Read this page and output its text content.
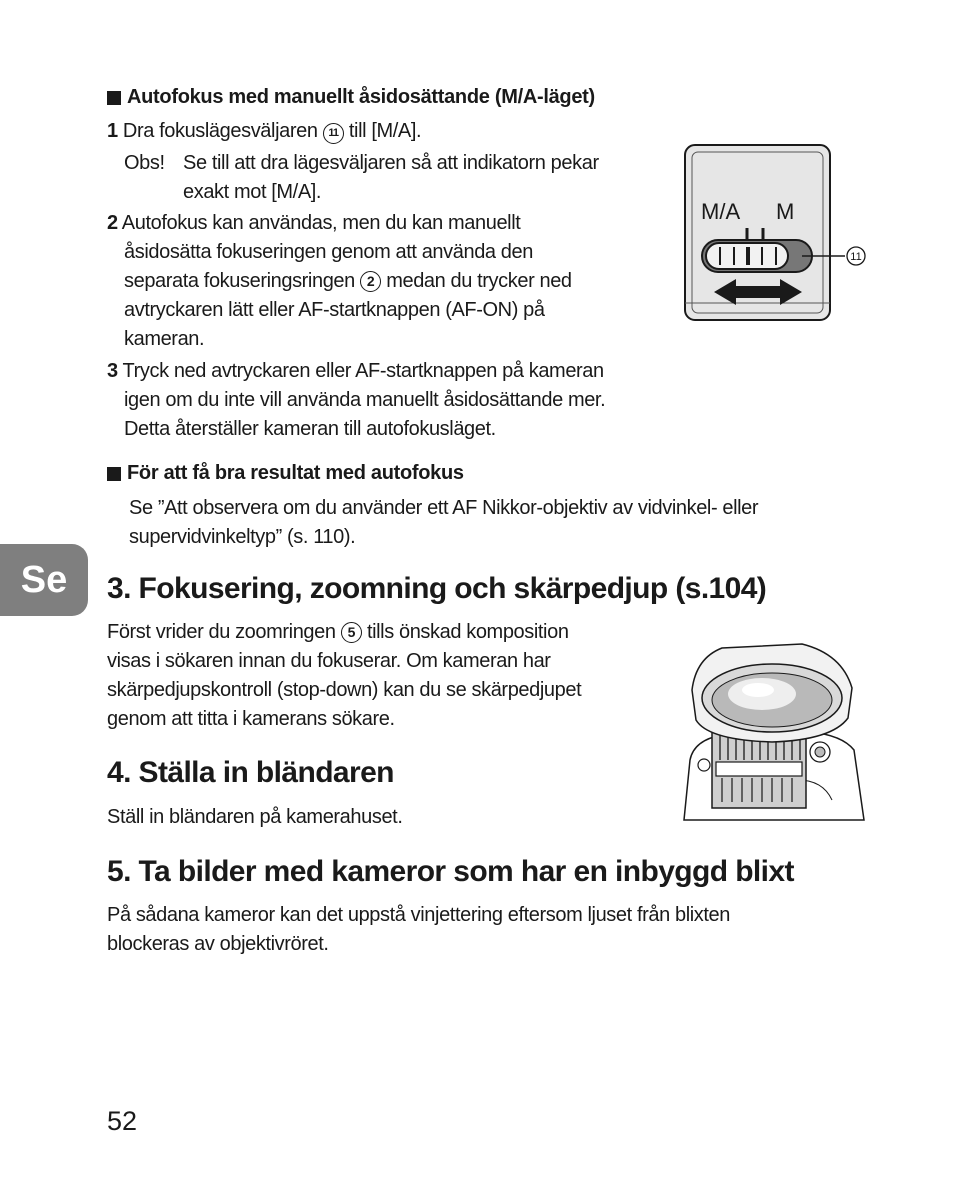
Se
Autofokus med manuellt åsidosättande (M/A-läget)
1 Dra fokuslägesväljaren 11 till [M/A].
Obs! Se till att dra lägesväljaren så att indikatorn pekar
exakt mot [M/A].
2 Autofokus kan användas, men du kan manuellt
åsidosätta fokuseringen genom att använda den
separata fokuseringsringen 2 medan du trycker ned
avtryckaren lätt eller AF-startknappen (AF-ON) på
kameran.
3 Tryck ned avtryckaren eller AF-startknappen på kameran
igen om du inte vill använda manuellt åsidosättande mer.
Detta återställer kameran till autofokusläget.
M/A M
11
För att få bra resultat med autofokus
Se ”Att observera om du använder ett AF Nikkor-objektiv av vidvinkel- eller
supervidvinkeltyp” (s. 110).
3. Fokusering, zoomning och skärpedjup (s.104)
Först vrider du zoomringen 5 tills önskad komposition
visas i sökaren innan du fokuserar. Om kameran har
skärpedjupskontroll (stop-down) kan du se skärpedjupet
genom att titta i kamerans sökare.
4. Ställa in bländaren
Ställ in bländaren på kamerahuset.
5. Ta bilder med kameror som har en inbyggd blixt
På sådana kameror kan det uppstå vinjettering eftersom ljuset från blixten
blockeras av objektivröret.
52
